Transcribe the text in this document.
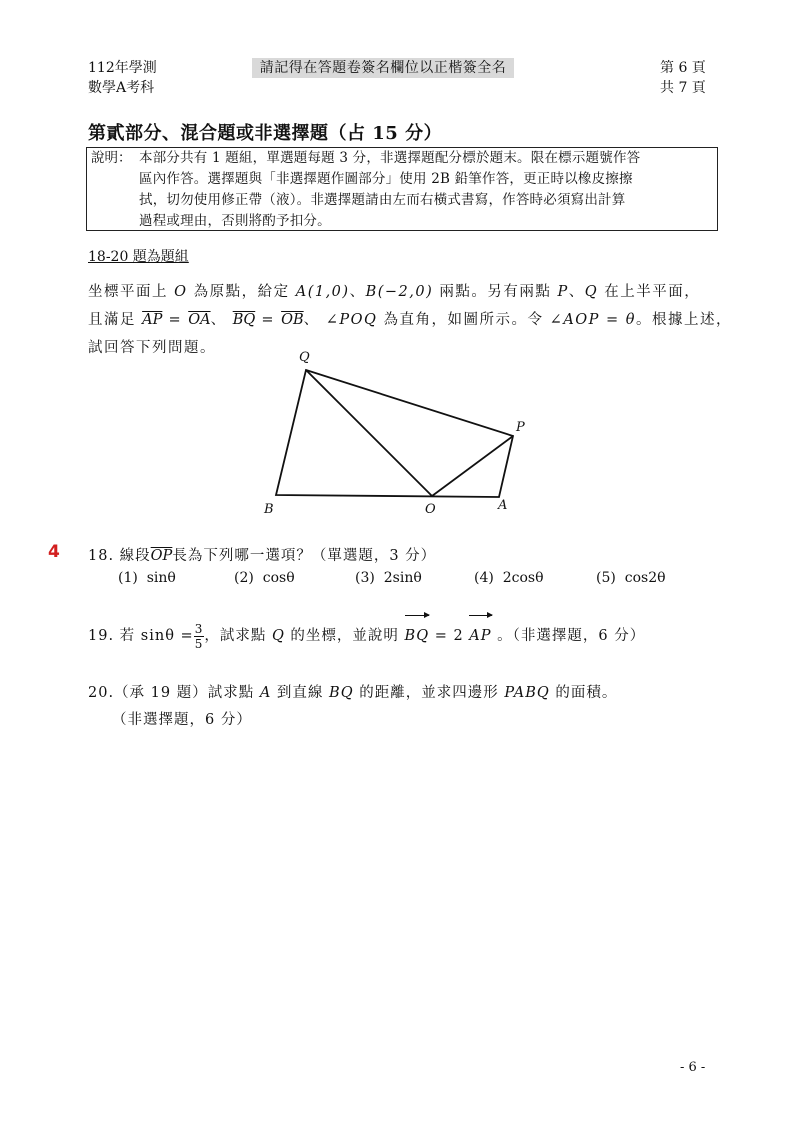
112年學測
數學A考科
請記得在答題卷簽名欄位以正楷簽全名	第 6 頁
共 7 頁
第貳部分、混合題或非選擇題（占 15 分）
說明： 本部分共有 1 題組，單選題每題 3 分，非選擇題配分標於題末。限在標示題號作答
區內作答。選擇題與「非選擇題作圖部分」使用 2B 鉛筆作答，更正時以橡皮擦擦
拭，切勿使用修正帶（液）。非選擇題請由左而右橫式書寫，作答時必須寫出計算
過程或理由，否則將酌予扣分。
18-20 題為題組
坐標平面上 O 為原點，給定 A(1,0)、B(−2,0) 兩點。另有兩點 P、Q 在上半平面，
且滿足 $\overline{AP} = \overline{OA}$、 $\overline{BQ} = \overline{OB}$、 ∠POQ 為直角，如圖所示。令 ∠AOP = θ。根據上述，
試回答下列問題。
Q
P
B	O	A
4 18. 線段$\overline{OP}$長為下列哪一選項？（單選題，3 分）
(1) sinθ	(2) cosθ	(3) 2sinθ	(4) 2cosθ	(5) cos2θ
19. 若 $\sin\theta = \frac{3}{5}$ ，試求點 Q 的坐標，並說明 BQ = 2 AP 。（非選擇題，6 分）
20.（承 19 題）試求點 A 到直線 BQ 的距離，並求四邊形 PABQ 的面積。
（非選擇題，6 分）
- 6 -
